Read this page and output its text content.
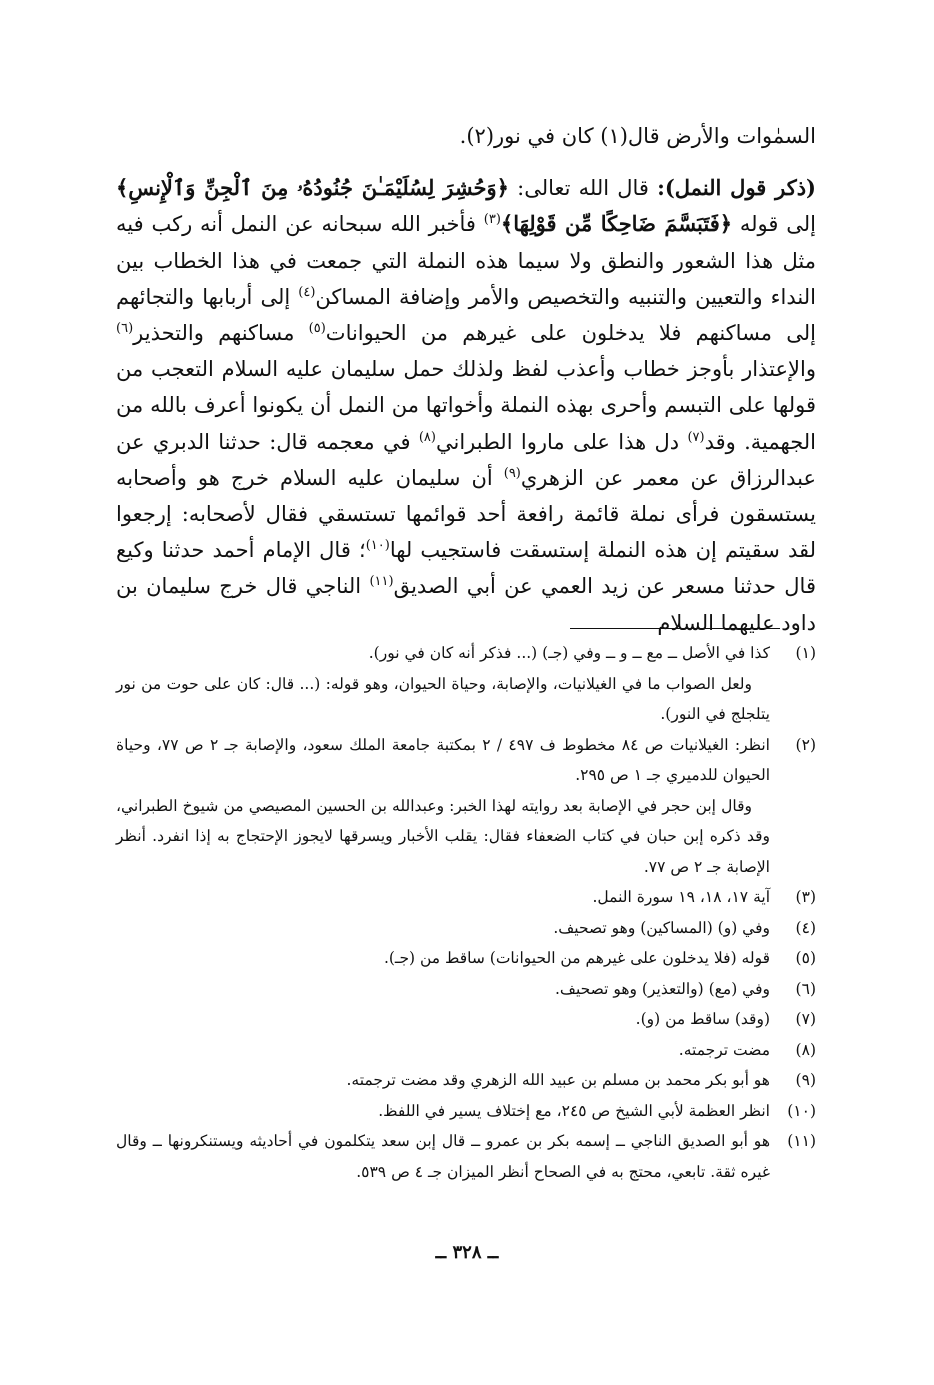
السمٰوات والأرض قال(١) كان في نور(٢).

(ذكر قول النمل): قال الله تعالى: ﴿وَحُشِرَ لِسُلَيْمَـٰنَ جُنُودُهُۥ مِنَ ٱلْجِنِّ وَٱلْإِنسِ﴾ إلى قوله ﴿فَتَبَسَّمَ ضَاحِكًا مِّن قَوْلِهَا﴾$^{(٣)}$ فأخبر الله سبحانه عن النمل أنه ركب فيه مثل هذا الشعور والنطق ولا سيما هذه النملة التي جمعت في هذا الخطاب بين النداء والتعيين والتنبيه والتخصيص والأمر وإضافة المساكن$^{(٤)}$ إلى أربابها والتجائهم إلى مساكنهم فلا يدخلون على غيرهم من الحيوانات$^{(٥)}$ مساكنهم والتحذير$^{(٦)}$ والإعتذار بأوجز خطاب وأعذب لفظ ولذلك حمل سليمان عليه السلام التعجب من قولها على التبسم وأحرى بهذه النملة وأخواتها من النمل أن يكونوا أعرف بالله من الجهمية. وقد$^{(٧)}$ دل هذا على ماروا الطبراني$^{(٨)}$ في معجمه قال: حدثنا الدبري عن عبدالرزاق عن معمر عن الزهري$^{(٩)}$ أن سليمان عليه السلام خرج هو وأصحابه يستسقون فرأى نملة قائمة رافعة أحد قوائمها تستسقي فقال لأصحابه: إرجعوا لقد سقيتم إن هذه النملة إستسقت فاستجيب لها$^{(١٠)}$؛ قال الإمام أحمد حدثنا وكيع قال حدثنا مسعر عن زيد العمي عن أبي الصديق$^{(١١)}$ الناجي قال خرج سليمان بن داود عليهما السلام

(١)

كذا في الأصل ــ مع ــ و ــ وفي (جـ) (... فذكر أنه كان في نور).

ولعل الصواب ما في الغيلانيات، والإصابة، وحياة الحيوان، وهو قوله: (... قال: كان على حوت من نور يتلجلج في النور).

(٢)

انظر: الغيلانيات ص ٨٤ مخطوط ف ٤٩٧ / ٢ بمكتبة جامعة الملك سعود، والإصابة جـ ٢ ص ٧٧، وحياة الحيوان للدميري جـ ١ ص ٢٩٥.

وقال إبن حجر في الإصابة بعد روايته لهذا الخبر: وعبدالله بن الحسين المصيصي من شيوخ الطبراني، وقد ذكره إبن حبان في كتاب الضعفاء فقال: يقلب الأخبار ويسرقها لايجوز الإحتجاج به إذا انفرد. أنظر الإصابة جـ ٢ ص ٧٧.

(٣)

آية ١٧، ١٨، ١٩ سورة النمل.

(٤)

وفي (و) (المساكين) وهو تصحيف.

(٥)

قوله (فلا يدخلون على غيرهم من الحيوانات) ساقط من (جـ).

(٦)

وفي (مع) (والتعذير) وهو تصحيف.

(٧)

(وقد) ساقط من (و).

(٨)

مضت ترجمته.

(٩)

هو أبو بكر محمد بن مسلم بن عبيد الله الزهري وقد مضت ترجمته.

(١٠)

انظر العظمة لأبي الشيخ ص ٢٤٥، مع إختلاف يسير في اللفظ.

(١١)

هو أبو الصديق الناجي ــ إسمه بكر بن عمرو ــ قال إبن سعد يتكلمون في أحاديثه ويستنكرونها ــ وقال غيره ثقة. تابعي، محتج به في الصحاح أنظر الميزان جـ ٤ ص ٥٣٩.

ــ ٣٢٨ ــ
